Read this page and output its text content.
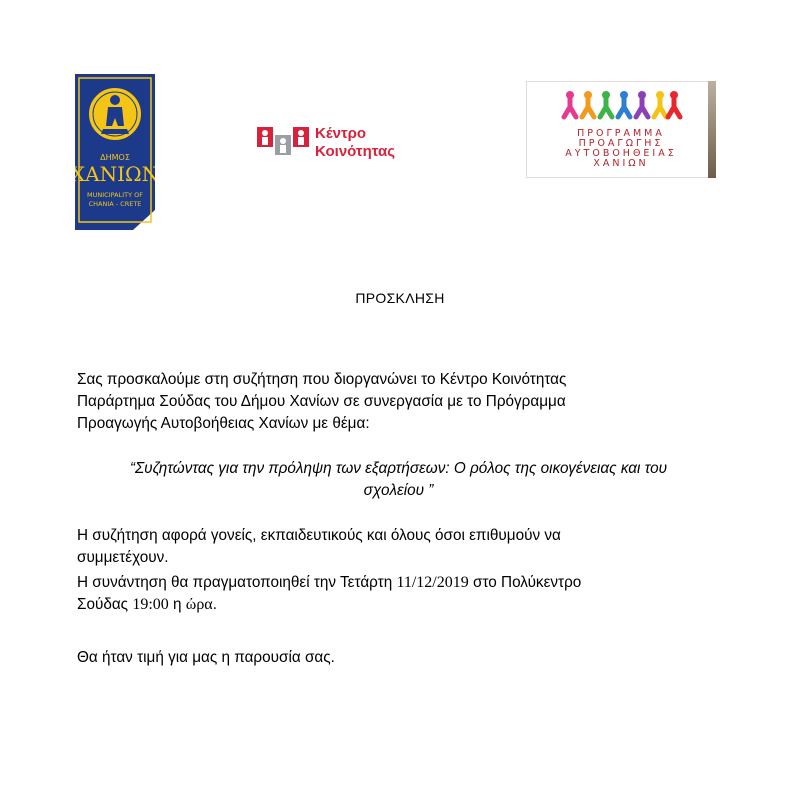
ΔΗΜΟΣ
ΧΑΝΙΩΝ
MUNICIPALITY OF
CHANIA - CRETE
Κέντρο
Κοινότητας
ΠΡΟΓΡΑΜΜΑ
ΠΡΟΑΓΩΓΗΣ
ΑΥΤΟΒΟΗΘΕΙΑΣ
ΧΑΝΙΩΝ
ΠΡΟΣΚΛΗΣΗ
Σας προσκαλούμε στη συζήτηση που διοργανώνει το Κέντρο Κοινότητας
Παράρτημα Σούδας του Δήμου Χανίων σε συνεργασία με το Πρόγραμμα
Προαγωγής Αυτοβοήθειας Χανίων με θέμα:
“Συζητώντας για την πρόληψη των εξαρτήσεων: Ο ρόλος της οικογένειας και του
σχολείου ”
Η συζήτηση αφορά γονείς, εκπαιδευτικούς και όλους όσοι επιθυμούν να
συμμετέχουν.
Η συνάντηση θα πραγματοποιηθεί την Τετάρτη 11/12/2019 στο Πολύκεντρο
Σούδας 19:00 η ώρα.
Θα ήταν τιμή για μας η παρουσία σας.
